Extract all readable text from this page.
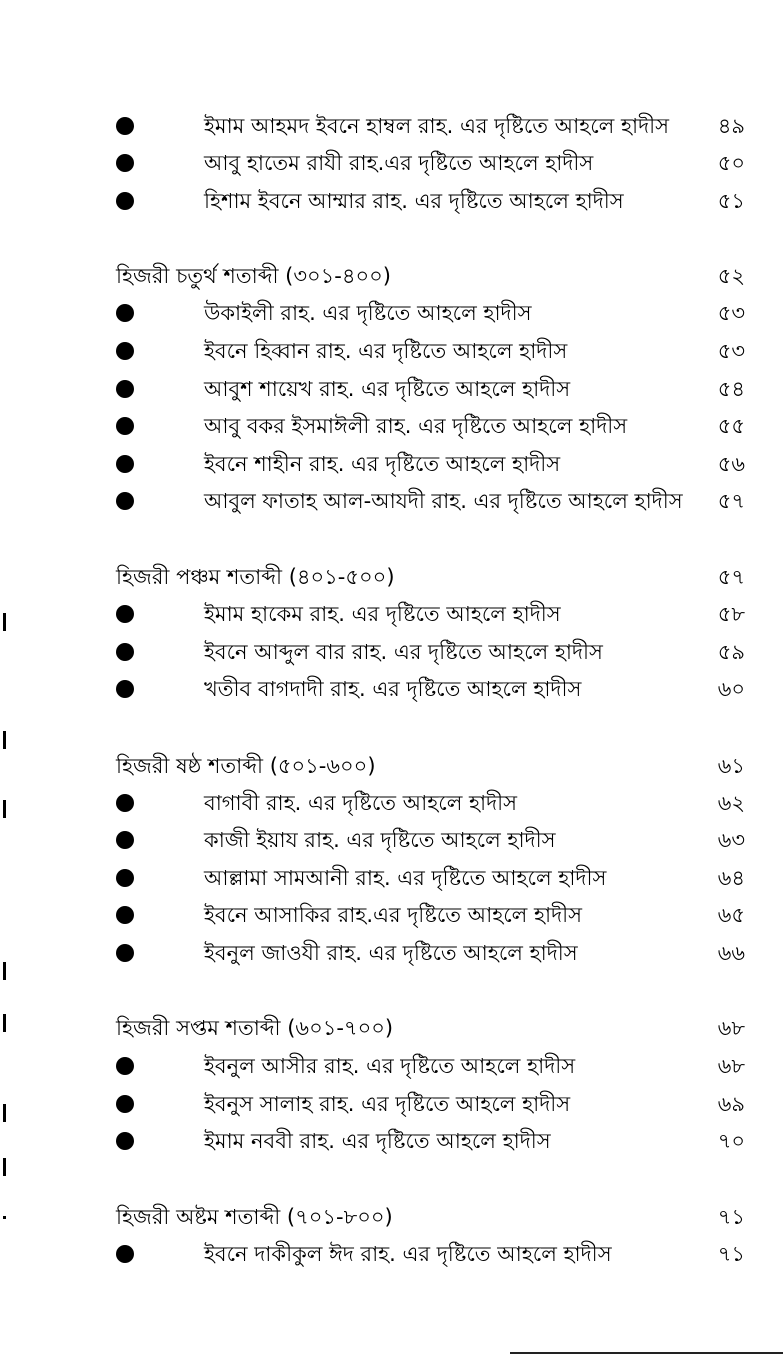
ইমাম আহমদ ইবনে হাম্বল রাহ. এর দৃষ্টিতে আহলে হাদীস ৪৯
আবু হাতেম রাযী রাহ.এর দৃষ্টিতে আহলে হাদীস	৫০
হিশাম ইবনে আম্মার রাহ. এর দৃষ্টিতে আহলে হাদীস	৫১
হিজরী চতুর্থ শতাব্দী (৩০১-৪০০)	৫২
উকাইলী রাহ. এর দৃষ্টিতে আহলে হাদীস	৫৩
ইবনে হিব্বান রাহ. এর দৃষ্টিতে আহলে হাদীস	৫৩
আবুশ শায়েখ রাহ. এর দৃষ্টিতে আহলে হাদীস	৫৪
আবু বকর ইসমাঈলী রাহ. এর দৃষ্টিতে আহলে হাদীস	৫৫
ইবনে শাহীন রাহ. এর দৃষ্টিতে আহলে হাদীস	৫৬
আবুল ফাতাহ আল-আযদী রাহ. এর দৃষ্টিতে আহলে হাদীস ৫৭
হিজরী পঞ্চম শতাব্দী (৪০১-৫০০)	৫৭
ইমাম হাকেম রাহ. এর দৃষ্টিতে আহলে হাদীস	৫৮
ইবনে আব্দুল বার রাহ. এর দৃষ্টিতে আহলে হাদীস	৫৯
খতীব বাগদাদী রাহ. এর দৃষ্টিতে আহলে হাদীস	৬০
হিজরী ষষ্ঠ শতাব্দী (৫০১-৬০০)	৬১
বাগাবী রাহ. এর দৃষ্টিতে আহলে হাদীস	৬২
কাজী ইয়ায রাহ. এর দৃষ্টিতে আহলে হাদীস	৬৩
আল্লামা সামআনী রাহ. এর দৃষ্টিতে আহলে হাদীস	৬৪
ইবনে আসাকির রাহ.এর দৃষ্টিতে আহলে হাদীস	৬৫
ইবনুল জাওযী রাহ. এর দৃষ্টিতে আহলে হাদীস	৬৬
হিজরী সপ্তম শতাব্দী (৬০১-৭০০)	৬৮
ইবনুল আসীর রাহ. এর দৃষ্টিতে আহলে হাদীস	৬৮
ইবনুস সালাহ রাহ. এর দৃষ্টিতে আহলে হাদীস	৬৯
ইমাম নববী রাহ. এর দৃষ্টিতে আহলে হাদীস	৭০
হিজরী অষ্টম শতাব্দী (৭০১-৮০০)	৭১
ইবনে দাকীকুল ঈদ রাহ. এর দৃষ্টিতে আহলে হাদীস	৭১
